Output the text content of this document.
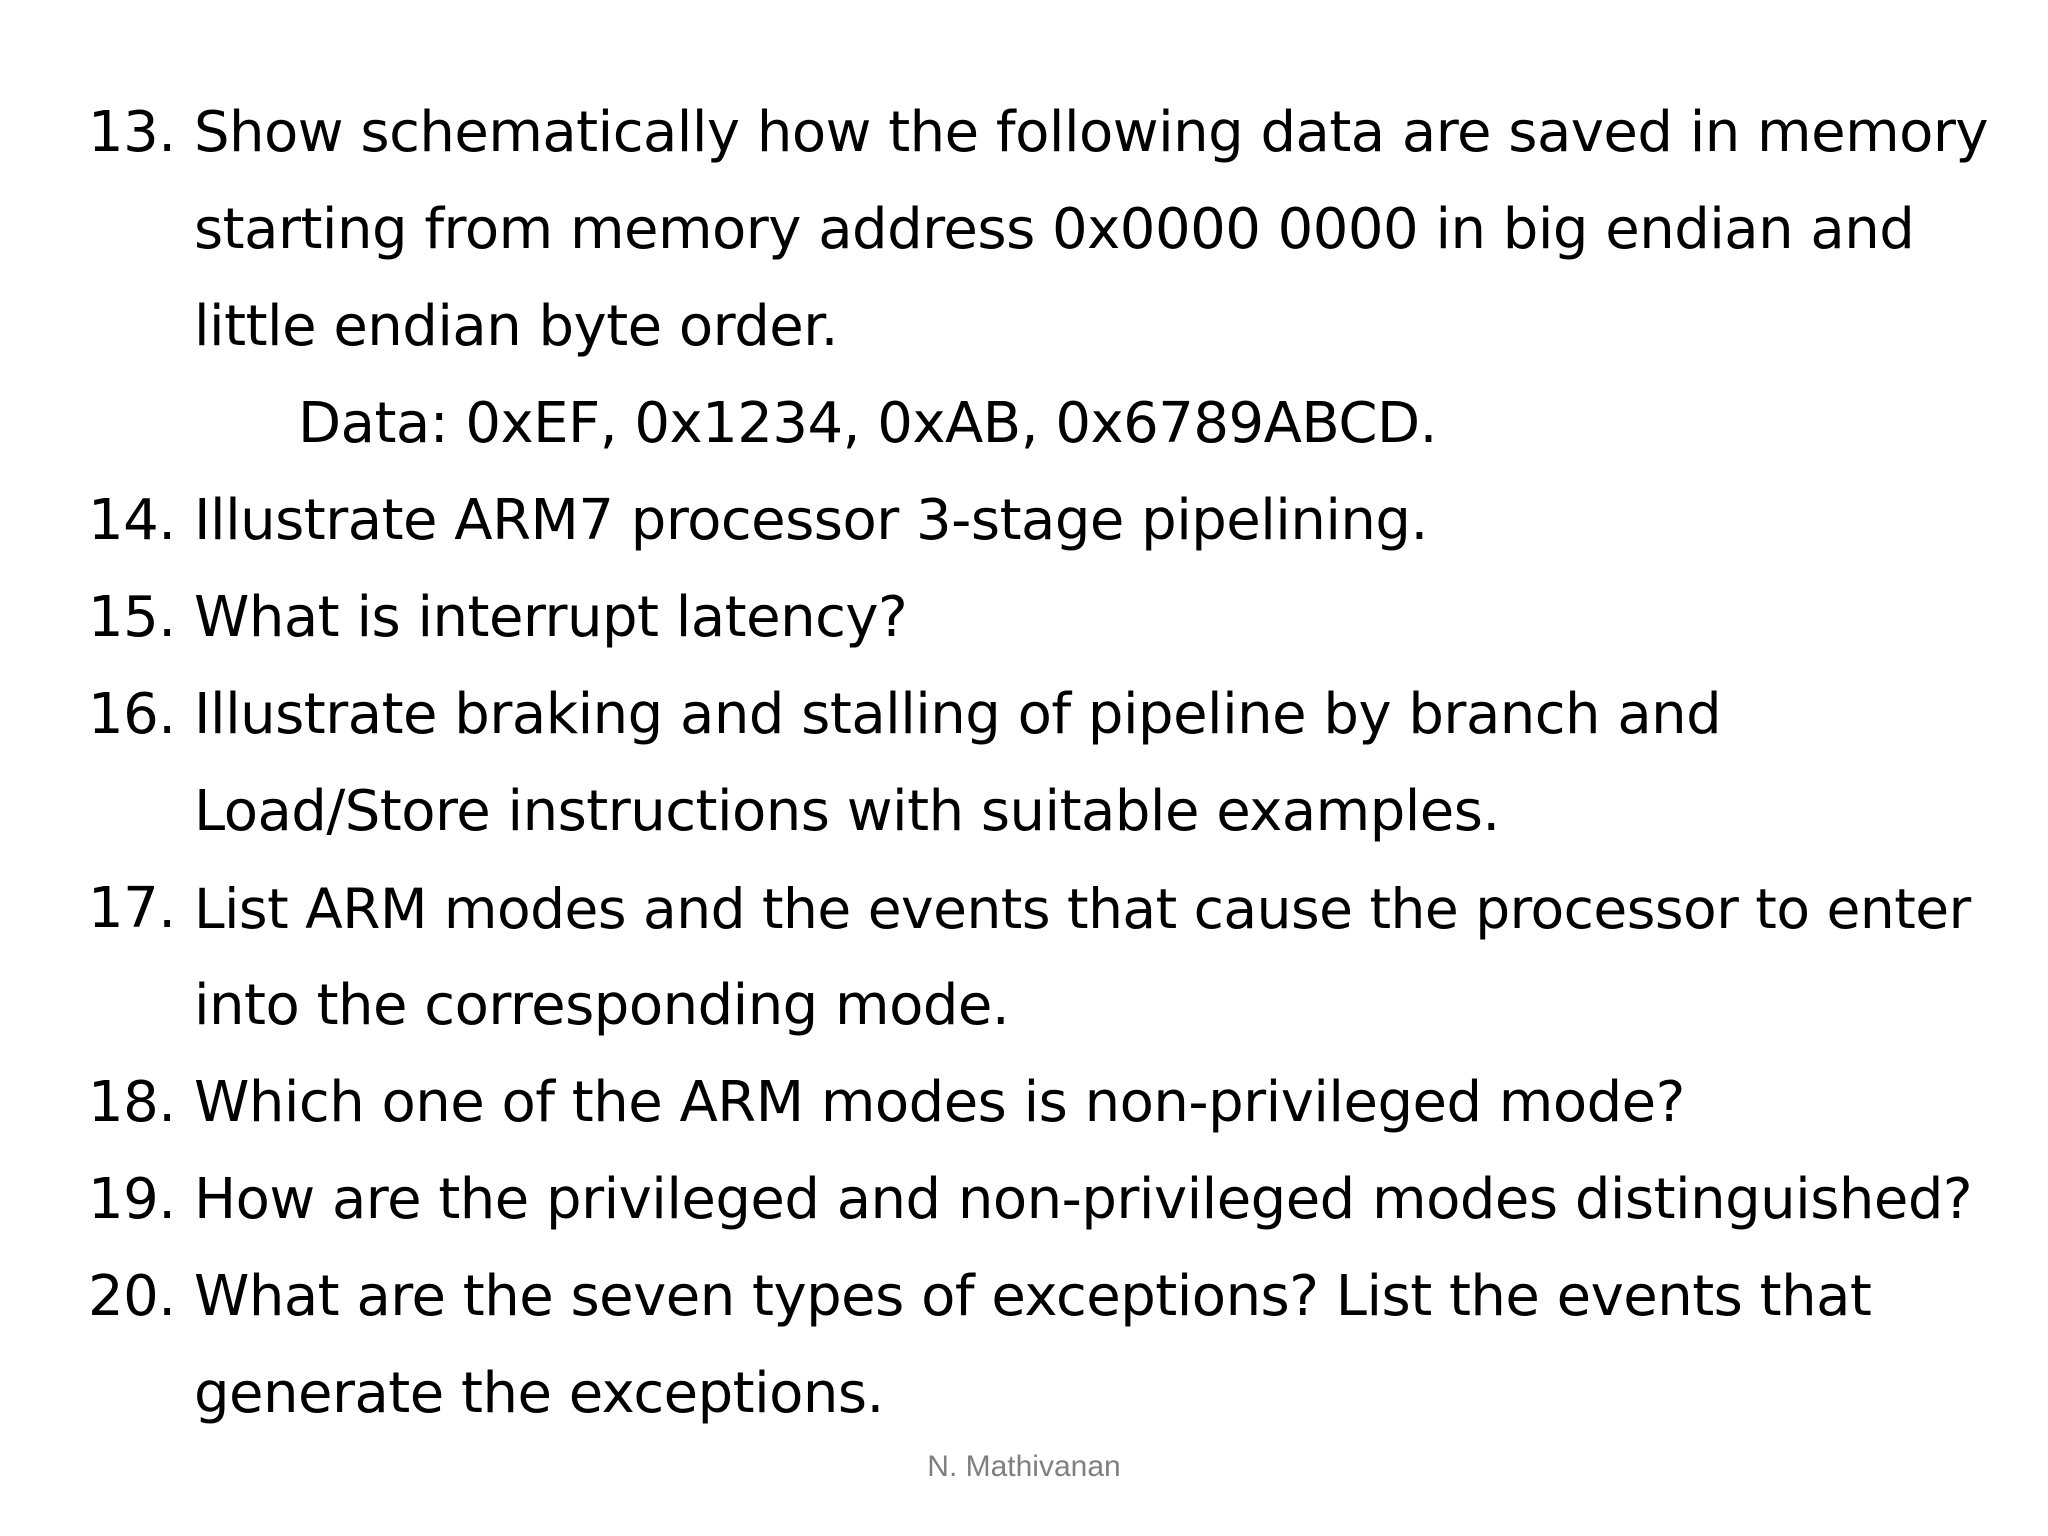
13. Show schematically how the following data are saved in memory
starting from memory address 0x0000 0000 in big endian and
little endian byte order.
Data: 0xEF, 0x1234, 0xAB, 0x6789ABCD.
14. Illustrate ARM7 processor 3-stage pipelining.
15. What is interrupt latency?
16. Illustrate braking and stalling of pipeline by branch and
Load/Store instructions with suitable examples.
17. List ARM modes and the events that cause the processor to enter
into the corresponding mode.
18. Which one of the ARM modes is non-privileged mode?
19. How are the privileged and non-privileged modes distinguished?
20. What are the seven types of exceptions? List the events that
generate the exceptions.
N. Mathivanan
